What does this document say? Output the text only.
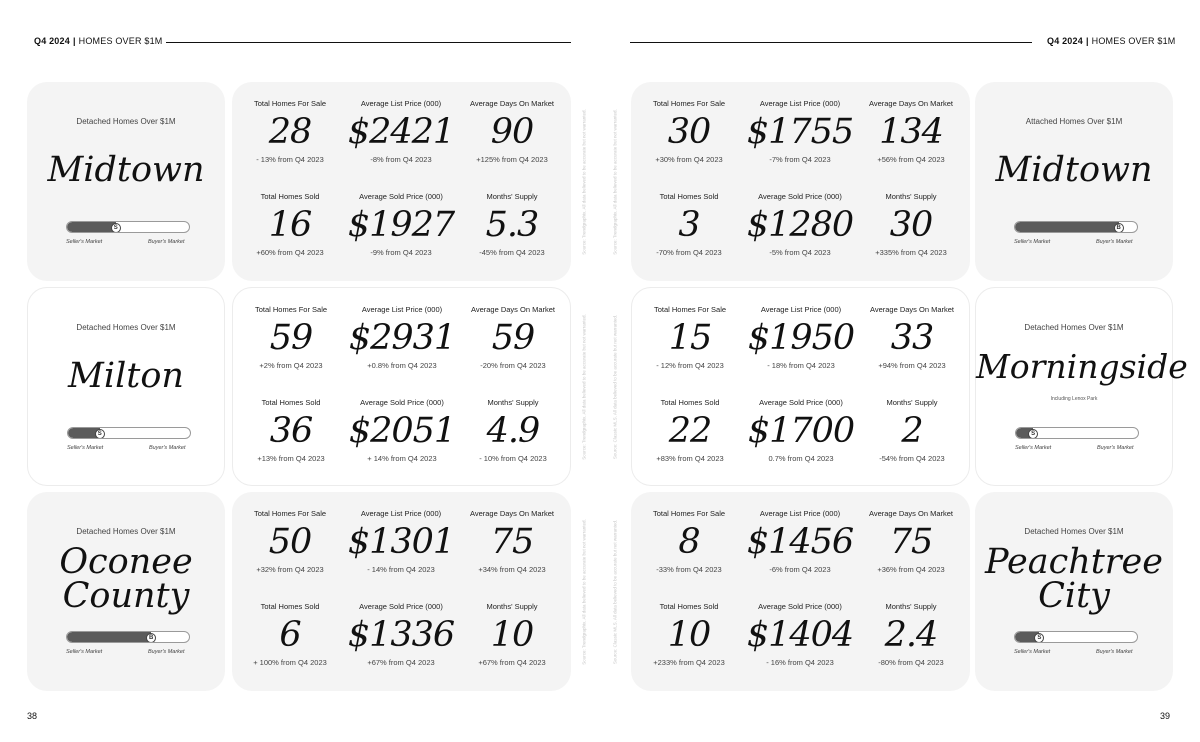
Q4 2024 | HOMES OVER $1M	Q4 2024 | HOMES OVER $1M
Detached Homes Over $1M
Midtown
S
Seller's Market	Buyer's Market
Total Homes For Sale
28
- 13% from Q4 2023
Average List Price (000)
$2421
-8% from Q4 2023
Average Days On Market
90
+125% from Q4 2023
Total Homes Sold
16
+60% from Q4 2023
Average Sold Price (000)
$1927
-9% from Q4 2023
Months' Supply
5.3
-45% from Q4 2023	Source: Trendgraphix. All data believed to be accurate but not warranted.
Detached Homes Over $1M
Milton
S
Seller's Market	Buyer's Market
Total Homes For Sale
59
+2% from Q4 2023
Average List Price (000)
$2931
+0.8% from Q4 2023
Average Days On Market
59
-20% from Q4 2023
Total Homes Sold
36
+13% from Q4 2023
Average Sold Price (000)
$2051
+ 14% from Q4 2023
Months' Supply
4.9
- 10% from Q4 2023	Source: Trendgraphix. All data believed to be accurate but not warranted.
Detached Homes Over $1M
Oconee
County
B
Seller's Market	Buyer's Market
Total Homes For Sale
50
+32% from Q4 2023
Average List Price (000)
$1301
- 14% from Q4 2023
Average Days On Market
75
+34% from Q4 2023
Total Homes Sold
6
+ 100% from Q4 2023
Average Sold Price (000)
$1336
+67% from Q4 2023
Months' Supply
10
+67% from Q4 2023	Source: Trendgraphix. All data believed to be accurate but not warranted.
Attached Homes Over $1M
Midtown
B
Seller's Market	Buyer's Market
Total Homes For Sale
30
+30% from Q4 2023
Average List Price (000)
$1755
-7% from Q4 2023
Average Days On Market
134
+56% from Q4 2023
Total Homes Sold
3
-70% from Q4 2023
Average Sold Price (000)
$1280
-5% from Q4 2023
Months' Supply
30
+335% from Q4 2023
Source: Trendgraphix. All data believed to be accurate but not warranted.
Detached Homes Over $1M
Morningside
Including Lenox Park
S
Seller's Market	Buyer's Market
Total Homes For Sale
15
- 12% from Q4 2023
Average List Price (000)
$1950
- 18% from Q4 2023
Average Days On Market
33
+94% from Q4 2023
Total Homes Sold
22
+83% from Q4 2023
Average Sold Price (000)
$1700
0.7% from Q4 2023
Months' Supply
2
-54% from Q4 2023
Source: Classic MLS. All data believed to be accurate but not warranted.
Detached Homes Over $1M
Peachtree
City
S
Seller's Market	Buyer's Market
Total Homes For Sale
8
-33% from Q4 2023
Average List Price (000)
$1456
-6% from Q4 2023
Average Days On Market
75
+36% from Q4 2023
Total Homes Sold
10
+233% from Q4 2023
Average Sold Price (000)
$1404
- 16% from Q4 2023
Months' Supply
2.4
-80% from Q4 2023
Source: Classic MLS. All data believed to be accurate but not warranted.
38	39
